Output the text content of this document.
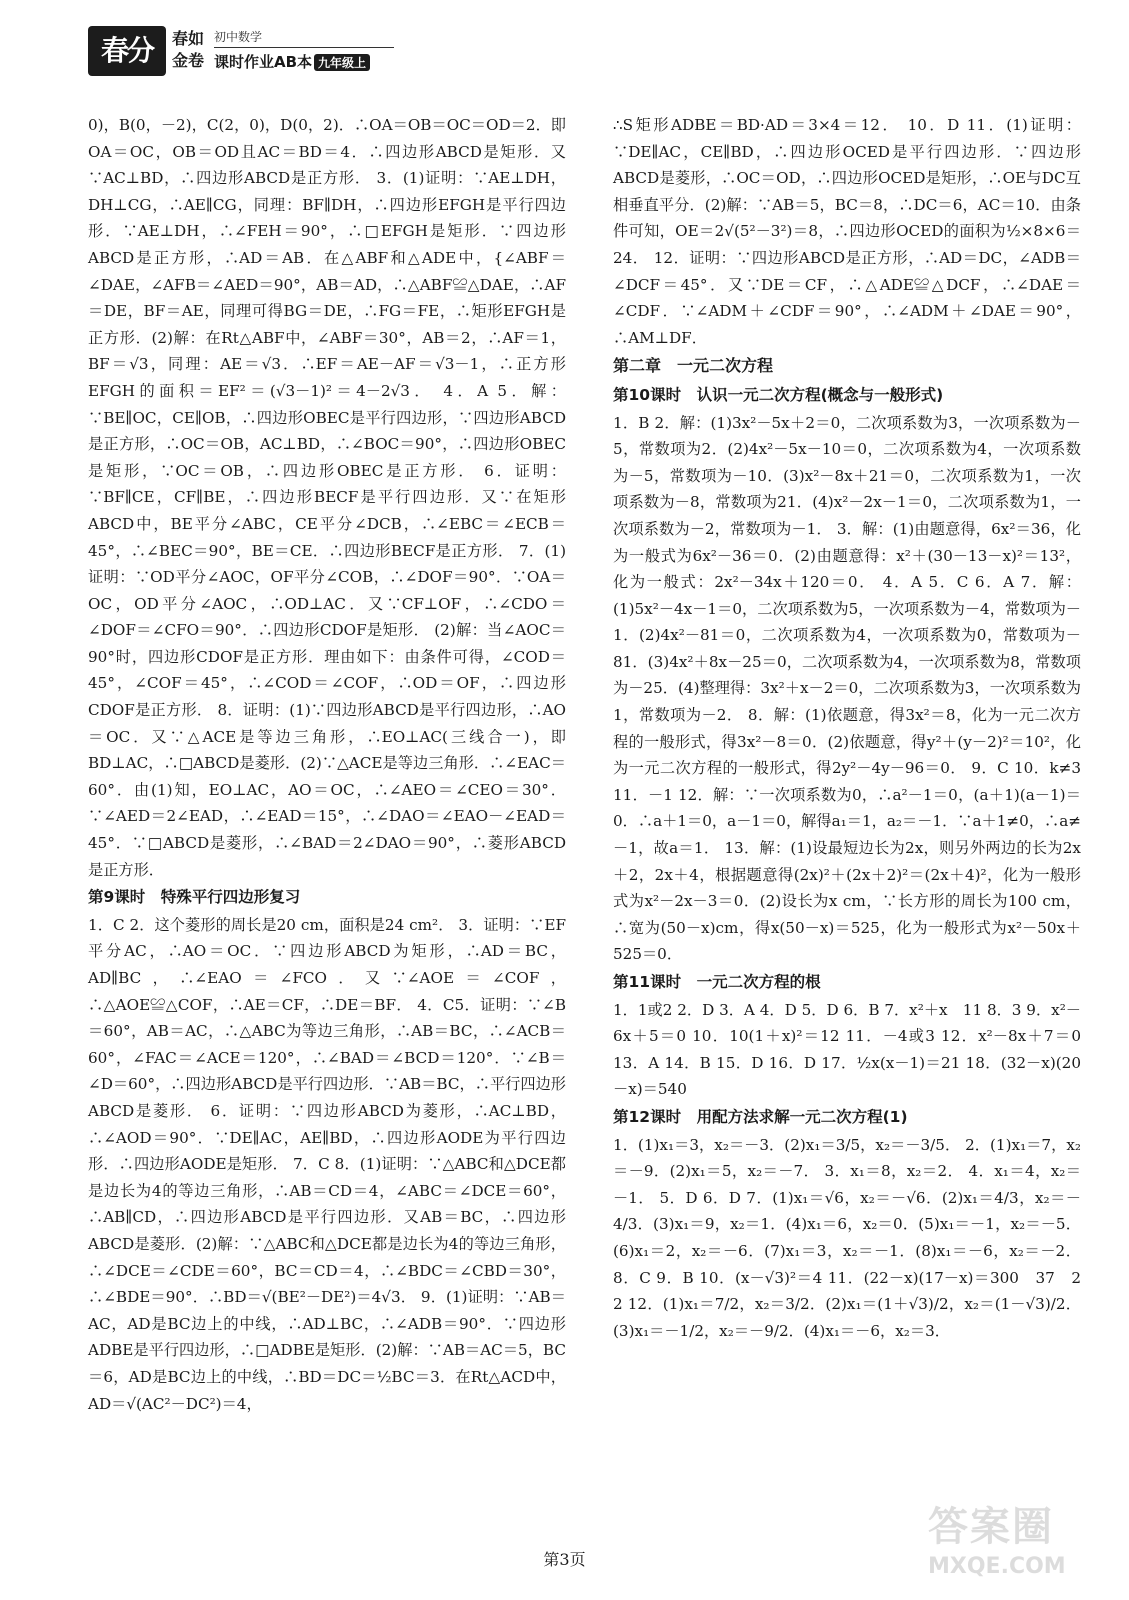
春分	春如金卷
初中数学
课时作业AB本 九年级上

0)，B(0，－2)，C(2，0)，D(0，2)．∴OA＝OB＝OC＝OD＝2．即OA＝OC，OB＝OD且AC＝BD＝4．∴四边形ABCD是矩形．又∵AC⊥BD，∴四边形ABCD是正方形． 3．(1)证明：∵AE⊥DH，DH⊥CG，∴AE∥CG，同理：BF∥DH，∴四边形EFGH是平行四边形．∵AE⊥DH，∴∠FEH＝90°，∴□EFGH是矩形．∵四边形ABCD是正方形，∴AD＝AB．在△ABF和△ADE中，{∠ABF＝∠DAE，∠AFB＝∠AED＝90°，AB＝AD，∴△ABF≌△DAE，∴AF＝DE，BF＝AE，同理可得BG＝DE，∴FG＝FE，∴矩形EFGH是正方形．(2)解：在Rt△ABF中，∠ABF＝30°，AB＝2，∴AF＝1，BF＝√3，同理：AE＝√3．∴EF＝AE－AF＝√3－1，∴正方形EFGH的面积＝EF²＝(√3－1)²＝4－2√3． 4．A 5．解：∵BE∥OC，CE∥OB，∴四边形OBEC是平行四边形，∵四边形ABCD是正方形，∴OC＝OB，AC⊥BD，∴∠BOC＝90°，∴四边形OBEC是矩形，∵OC＝OB，∴四边形OBEC是正方形． 6．证明：∵BF∥CE，CF∥BE，∴四边形BECF是平行四边形．又∵在矩形ABCD中，BE平分∠ABC，CE平分∠DCB，∴∠EBC＝∠ECB＝45°，∴∠BEC＝90°，BE＝CE．∴四边形BECF是正方形． 7．(1)证明：∵OD平分∠AOC，OF平分∠COB，∴∠DOF＝90°．∵OA＝OC，OD平分∠AOC，∴OD⊥AC．又∵CF⊥OF，∴∠CDO＝∠DOF＝∠CFO＝90°．∴四边形CDOF是矩形． (2)解：当∠AOC＝90°时，四边形CDOF是正方形．理由如下：由条件可得，∠COD＝45°，∠COF＝45°，∴∠COD＝∠COF，∴OD＝OF，∴四边形CDOF是正方形． 8．证明：(1)∵四边形ABCD是平行四边形，∴AO＝OC．又∵△ACE是等边三角形，∴EO⊥AC(三线合一)，即BD⊥AC，∴□ABCD是菱形．(2)∵△ACE是等边三角形．∴∠EAC＝60°．由(1)知，EO⊥AC，AO＝OC，∴∠AEO＝∠CEO＝30°．∵∠AED＝2∠EAD，∴∠EAD＝15°，∴∠DAO＝∠EAO－∠EAD＝45°．∵□ABCD是菱形，∴∠BAD＝2∠DAO＝90°，∴菱形ABCD是正方形．

第9课时　特殊平行四边形复习

1．C 2．这个菱形的周长是20 cm，面积是24 cm²． 3．证明：∵EF平分AC，∴AO＝OC．∵四边形ABCD为矩形，∴AD＝BC，AD∥BC，∴∠EAO＝∠FCO．又∵∠AOE＝∠COF，∴△AOE≌△COF，∴AE＝CF，∴DE＝BF． 4．C5．证明：∵∠B＝60°，AB＝AC，∴△ABC为等边三角形，∴AB＝BC，∴∠ACB＝60°，∠FAC＝∠ACE＝120°，∴∠BAD＝∠BCD＝120°．∵∠B＝∠D＝60°，∴四边形ABCD是平行四边形．∵AB＝BC，∴平行四边形ABCD是菱形． 6．证明：∵四边形ABCD为菱形，∴AC⊥BD，∴∠AOD＝90°．∵DE∥AC，AE∥BD，∴四边形AODE为平行四边形．∴四边形AODE是矩形． 7．C 8．(1)证明：∵△ABC和△DCE都是边长为4的等边三角形，∴AB＝CD＝4，∠ABC＝∠DCE＝60°，∴AB∥CD，∴四边形ABCD是平行四边形．又AB＝BC，∴四边形ABCD是菱形．(2)解：∵△ABC和△DCE都是边长为4的等边三角形，∴∠DCE＝∠CDE＝60°，BC＝CD＝4，∴∠BDC＝∠CBD＝30°，∴∠BDE＝90°．∴BD＝√(BE²－DE²)＝4√3． 9．(1)证明：∵AB＝AC，AD是BC边上的中线，∴AD⊥BC，∴∠ADB＝90°．∵四边形ADBE是平行四边形，∴□ADBE是矩形．(2)解：∵AB＝AC＝5，BC＝6，AD是BC边上的中线，∴BD＝DC＝½BC＝3．在Rt△ACD中，AD＝√(AC²－DC²)＝4，

∴S矩形ADBE＝BD·AD＝3×4＝12． 10．D 11．(1)证明：∵DE∥AC，CE∥BD，∴四边形OCED是平行四边形．∵四边形ABCD是菱形，∴OC＝OD，∴四边形OCED是矩形，∴OE与DC互相垂直平分．(2)解：∵AB＝5，BC＝8，∴DC＝6，AC＝10．由条件可知，OE＝2√(5²－3²)＝8，∴四边形OCED的面积为½×8×6＝24． 12．证明：∵四边形ABCD是正方形，∴AD＝DC，∠ADB＝∠DCF＝45°．又∵DE＝CF，∴△ADE≌△DCF，∴∠DAE＝∠CDF．∵∠ADM＋∠CDF＝90°，∴∠ADM＋∠DAE＝90°，∴AM⊥DF．

第二章　一元二次方程
第10课时　认识一元二次方程(概念与一般形式)

1．B 2．解：(1)3x²－5x＋2＝0，二次项系数为3，一次项系数为－5，常数项为2．(2)4x²－5x－10＝0，二次项系数为4，一次项系数为－5，常数项为－10．(3)x²－8x＋21＝0，二次项系数为1，一次项系数为－8，常数项为21．(4)x²－2x－1＝0，二次项系数为1，一次项系数为－2，常数项为－1． 3．解：(1)由题意得，6x²＝36，化为一般式为6x²－36＝0．(2)由题意得：x²＋(30－13－x)²＝13²，化为一般式：2x²－34x＋120＝0． 4．A 5．C 6．A 7．解：(1)5x²－4x－1＝0，二次项系数为5，一次项系数为－4，常数项为－1．(2)4x²－81＝0，二次项系数为4，一次项系数为0，常数项为－81．(3)4x²＋8x－25＝0，二次项系数为4，一次项系数为8，常数项为－25．(4)整理得：3x²＋x－2＝0，二次项系数为3，一次项系数为1，常数项为－2． 8．解：(1)依题意，得3x²＝8，化为一元二次方程的一般形式，得3x²－8＝0．(2)依题意，得y²＋(y－2)²＝10²，化为一元二次方程的一般形式，得2y²－4y－96＝0． 9．C 10．k≠3 11．－1 12．解：∵一次项系数为0，∴a²－1＝0，(a＋1)(a－1)＝0．∴a＋1＝0，a－1＝0，解得a₁＝1，a₂＝－1．∵a＋1≠0，∴a≠－1，故a＝1． 13．解：(1)设最短边长为2x，则另外两边的长为2x＋2，2x＋4，根据题意得(2x)²＋(2x＋2)²＝(2x＋4)²，化为一般形式为x²－2x－3＝0．(2)设长为x cm，∵长方形的周长为100 cm，∴宽为(50－x)cm，得x(50－x)＝525，化为一般形式为x²－50x＋525＝0．

第11课时　一元二次方程的根

1．1或2 2．D 3．A 4．D 5．D 6．B 7．x²＋x　11 8．3 9．x²－6x＋5＝0 10．10(1＋x)²＝12 11．－4或3 12．x²－8x＋7＝0 13．A 14．B 15．D 16．D 17．½x(x－1)＝21 18．(32－x)(20－x)＝540

第12课时　用配方法求解一元二次方程(1)

1．(1)x₁＝3，x₂＝－3．(2)x₁＝3/5，x₂＝－3/5． 2．(1)x₁＝7，x₂＝－9．(2)x₁＝5，x₂＝－7． 3．x₁＝8，x₂＝2． 4．x₁＝4，x₂＝－1． 5．D 6．D 7．(1)x₁＝√6，x₂＝－√6．(2)x₁＝4/3，x₂＝－4/3．(3)x₁＝9，x₂＝1．(4)x₁＝6，x₂＝0．(5)x₁＝－1，x₂＝－5．(6)x₁＝2，x₂＝－6．(7)x₁＝3，x₂＝－1．(8)x₁＝－6，x₂＝－2． 8．C 9．B 10．(x－√3)²＝4 11．(22－x)(17－x)＝300　37　2　2 12．(1)x₁＝7/2，x₂＝3/2．(2)x₁＝(1＋√3)/2，x₂＝(1－√3)/2．(3)x₁＝－1/2，x₂＝－9/2．(4)x₁＝－6，x₂＝3．

第3页
答案圈
MXQE.COM
